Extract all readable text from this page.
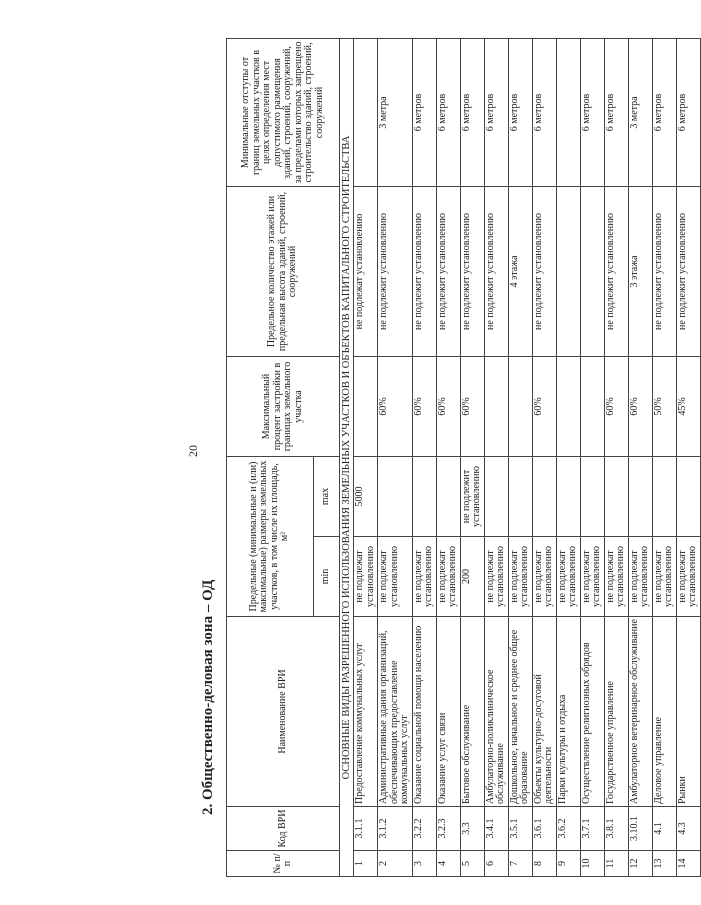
20
2. Общественно-деловая зона – ОД
№ п/п	Код ВРИ	Наименование ВРИ	Предельные (минимальные и (или) максимальные) размеры земельных участков, в том числе их площадь, м²		Максимальный процент застройки в границах земельного участка	Предельное количество этажей или предельная высота зданий, строений, сооружений	Минимальные отступы от границ земельных участков в целях определения мест допустимого размещения зданий, строений, сооружений, за пределами которых запрещено строительство зданий, строений, сооружений
			min	max			
ОСНОВНЫЕ ВИДЫ РАЗРЕШЕННОГО ИСПОЛЬЗОВАНИЯ ЗЕМЕЛЬНЫХ УЧАСТКОВ И ОБЪЕКТОВ КАПИТАЛЬНОГО СТРОИТЕЛЬСТВА							
1	3.1.1	Предоставление коммунальных услуг	не подлежат установлению	5000		не подлежат установлению	
2	3.1.2	Административные здания организаций, обеспечивающих предоставление коммунальных услуг	не подлежат установлению		60%	не подлежит установлению	3 метра
3	3.2.2	Оказание социальной помощи населению	не подлежат установлению		60%	не подлежит установлению	6 метров
4	3.2.3	Оказание услуг связи	не подлежат установлению		60%	не подлежит установлению	6 метров
5	3.3	Бытовое обслуживание	200	не подлежит установлению	60%	не подлежит установлению	6 метров
6	3.4.1	Амбулаторно-поликлиническое обслуживание	не подлежат установлению			не подлежит установлению	6 метров
7	3.5.1	Дошкольное, начальное и среднее общее образование	не подлежат установлению			4 этажа	6 метров
8	3.6.1	Объекты культурно-досуговой деятельности	не подлежат установлению		60%	не подлежит установлению	6 метров
9	3.6.2	Парки культуры и отдыха	не подлежат установлению				
10	3.7.1	Осуществление религиозных обрядов	не подлежат установлению				6 метров
11	3.8.1	Государственное управление	не подлежат установлению		60%	не подлежит установлению	6 метров
12	3.10.1	Амбулаторное ветеринарное обслуживание	не подлежат установлению		60%	3 этажа	3 метра
13	4.1	Деловое управление	не подлежат установлению		50%	не подлежит установлению	6 метров
14	4.3	Рынки	не подлежат установлению		45%	не подлежит установлению	6 метров
